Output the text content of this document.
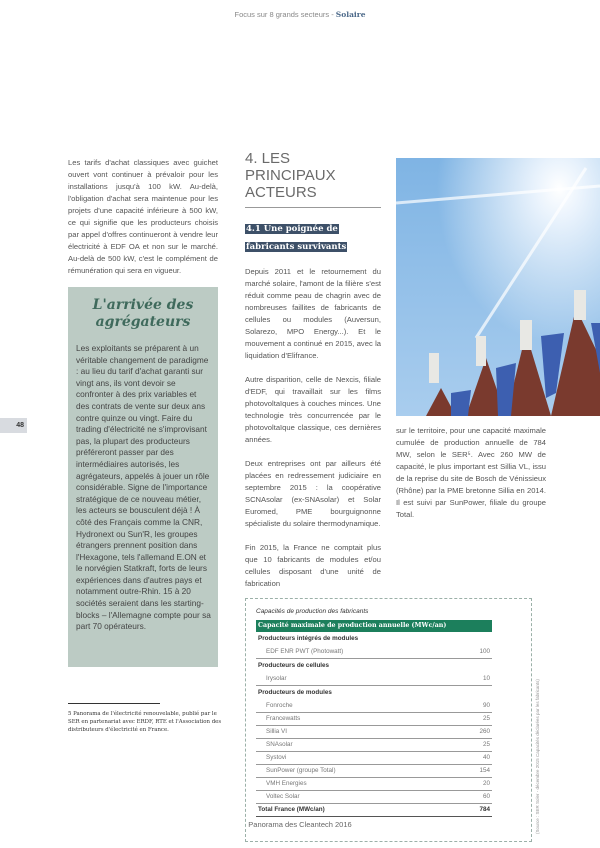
Focus sur 8 grands secteurs - Solaire
48

Les tarifs d'achat classiques avec guichet ouvert vont continuer à prévaloir pour les installations jusqu'à 100 kW. Au-delà, l'obligation d'achat sera maintenue pour les projets d'une capacité inférieure à 500 kW, ce qui signifie que les producteurs choisis par appel d'offres continueront à vendre leur électricité à EDF OA et non sur le marché. Au-delà de 500 kW, c'est le complément de rémunération qui sera en vigueur.

L'arrivée des agrégateurs
Les exploitants se préparent à un véritable changement de paradigme : au lieu du tarif d'achat garanti sur vingt ans, ils vont devoir se confronter à des prix variables et des contrats de vente sur deux ans contre quinze ou vingt. Faire du trading d'électricité ne s'improvisant pas, la plupart des producteurs préféreront passer par des intermédiaires autorisés, les agrégateurs, appelés à jouer un rôle considérable. Signe de l'importance stratégique de ce nouveau métier, les acteurs se bousculent déjà ! À côté des Français comme la CNR, Hydronext ou Sun'R, les groupes étrangers prennent position dans l'Hexagone, tels l'allemand E.ON et le norvégien Statkraft, forts de leurs expériences dans d'autres pays et notamment outre-Rhin. 15 à 20 sociétés seraient dans les starting-blocks – l'Allemagne compte pour sa part 70 opérateurs.
5 Panorama de l'électricité renouvelable, publié par le SER en partenariat avec ERDF, RTE et l'Association des distributeurs d'électricité en France.
4. LES PRINCIPAUX ACTEURS
4.1 Une poignée de fabricants survivants

Depuis 2011 et le retournement du marché solaire, l'amont de la filière s'est réduit comme peau de chagrin avec de nombreuses faillites de fabricants de cellules ou modules (Auversun, Solarezo, MPO Energy...). Et le mouvement a continué en 2015, avec la liquidation d'Elifrance.

Autre disparition, celle de Nexcis, filiale d'EDF, qui travaillait sur les films photovoltaïques à couches minces. Une technologie très concurrencée par le photovoltaïque classique, ces dernières années.

Deux entreprises ont par ailleurs été placées en redressement judiciaire en septembre 2015 : la coopérative SCNAsolar (ex-SNAsolar) et Solar Euromed, PME bourguignonne spécialiste du solaire thermodynamique.

Fin 2015, la France ne comptait plus que 10 fabricants de modules et/ou cellules disposant d'une unité de fabrication

Capacités de production des fabricants
Capacité maximale de production annuelle (MWc/an)
Producteurs intégrés de modules
EDF ENR PWT (Photowatt)	100
Producteurs de cellules
Irysolar	10
Producteurs de modules
Fonroche	90
Francewatts	25
Sillia VI	260
SNAsolar	25
Systovi	40
SunPower (groupe Total)	154
VMH Energies	20
Voltec Solar	60
Total France (MWc/an)	784	(Source : SER Soler - décembre 2015 Capacités déclarées par les fabricants)

sur le territoire, pour une capacité maximale cumulée de production annuelle de 784 MW, selon le SER⁵. Avec 260 MW de capacité, le plus important est Sillia VL, issu de la reprise du site de Bosch de Vénissieux (Rhône) par la PME bretonne Sillia en 2014. Il est suivi par SunPower, filiale du groupe Total.

Panorama des Cleantech 2016
